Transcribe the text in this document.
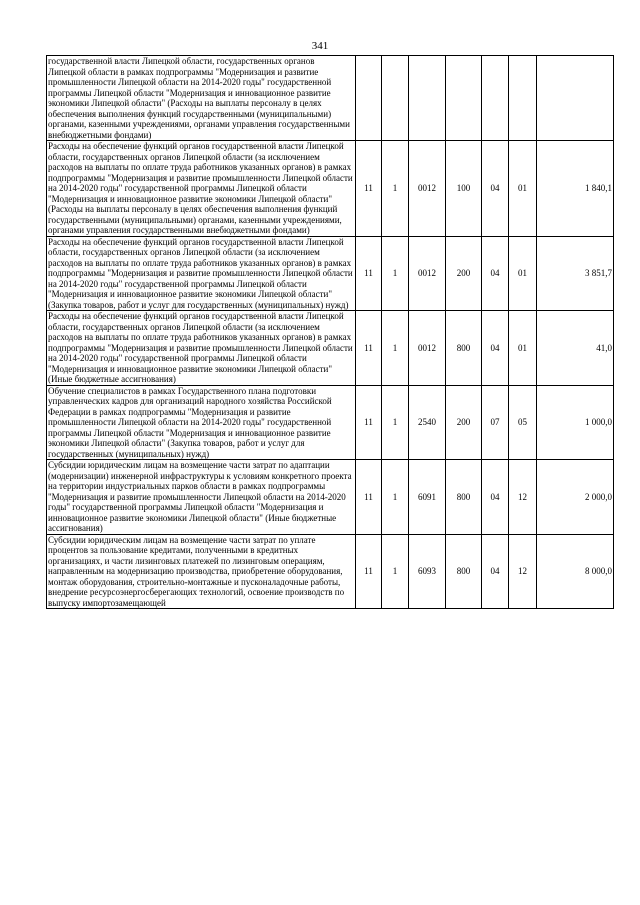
341
государственной власти Липецкой области, государственных органов Липецкой области в рамках подпрограммы "Модернизация и развитие промышленности Липецкой области на 2014-2020 годы" государственной программы Липецкой области "Модернизация и инновационное развитие экономики Липецкой области" (Расходы на выплаты персоналу в целях обеспечения выполнения функций государственными (муниципальными) органами, казенными учреждениями, органами управления государственными внебюджетными фондами)							
Расходы на обеспечение функций органов государственной власти Липецкой области, государственных органов Липецкой области (за исключением расходов на выплаты по оплате труда работников указанных органов) в рамках подпрограммы "Модернизация и развитие промышленности Липецкой области на 2014-2020 годы" государственной программы Липецкой области "Модернизация и инновационное развитие экономики Липецкой области" (Расходы на выплаты персоналу в целях обеспечения выполнения функций государственными (муниципальными) органами, казенными учреждениями, органами управления государственными внебюджетными фондами)	11	1	0012	100	04	01	1 840,1
Расходы на обеспечение функций органов государственной власти Липецкой области, государственных органов Липецкой области (за исключением расходов на выплаты по оплате труда работников указанных органов) в рамках подпрограммы "Модернизация и развитие промышленности Липецкой области на 2014-2020 годы" государственной программы Липецкой области "Модернизация и инновационное развитие экономики Липецкой области" (Закупка товаров, работ и услуг для государственных (муниципальных) нужд)	11	1	0012	200	04	01	3 851,7
Расходы на обеспечение функций органов государственной власти Липецкой области, государственных органов Липецкой области (за исключением расходов на выплаты по оплате труда работников указанных органов) в рамках подпрограммы "Модернизация и развитие промышленности Липецкой области на 2014-2020 годы" государственной программы Липецкой области "Модернизация и инновационное развитие экономики Липецкой области" (Иные бюджетные ассигнования)	11	1	0012	800	04	01	41,0
Обучение специалистов в рамках Государственного плана подготовки управленческих кадров для организаций народного хозяйства Российской Федерации в рамках подпрограммы "Модернизация и развитие промышленности Липецкой области на 2014-2020 годы" государственной программы Липецкой области "Модернизация и инновационное развитие экономики Липецкой области" (Закупка товаров, работ и услуг для государственных (муниципальных) нужд)	11	1	2540	200	07	05	1 000,0
Субсидии юридическим лицам на возмещение части затрат по адаптации (модернизации) инженерной инфраструктуры к условиям конкретного проекта на территории индустриальных парков области в рамках подпрограммы "Модернизация и развитие промышленности Липецкой области на 2014-2020 годы" государственной программы Липецкой области "Модернизация и инновационное развитие экономики Липецкой области" (Иные бюджетные ассигнования)	11	1	6091	800	04	12	2 000,0
Субсидии юридическим лицам на возмещение части затрат по уплате процентов за пользование кредитами, полученными в кредитных организациях, и части лизинговых платежей по лизинговым операциям, направленным на модернизацию производства, приобретение оборудования, монтаж оборудования, строительно-монтажные и пусконаладочные работы, внедрение ресурсоэнергосберегающих технологий, освоение производств по выпуску импортозамещающей	11	1	6093	800	04	12	8 000,0
